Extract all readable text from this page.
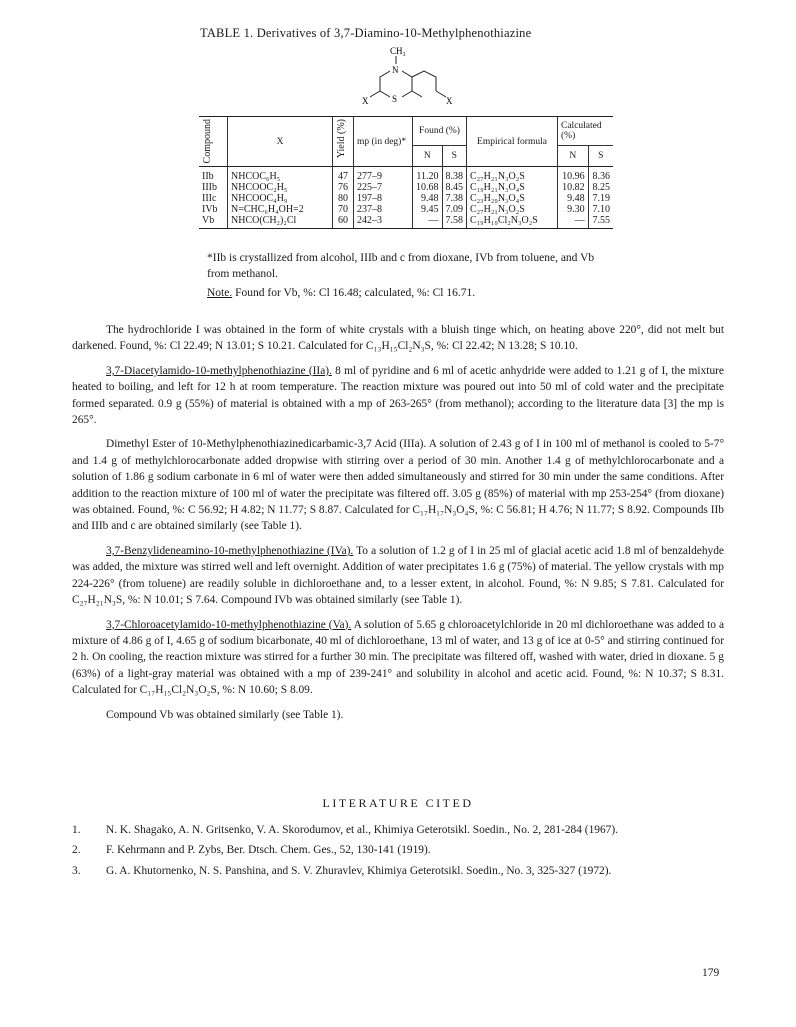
TABLE 1. Derivatives of 3,7-Diamino-10-Methylphenothiazine
CH₃
N
S
X	X
Compound	X	Yield (%)	mp (in deg)*	Found (%)		Empirical formula	Calculated (%)	
				N	S		N	S
IIb	NHCOC₆H₅	47	277–9	11.20	8.38	C₂₇H₂₁N₃O₂S	10.96	8.36
IIIb	NHCOOC₂H₅	76	225–7	10.68	8.45	C₁₉H₂₁N₃O₄S	10.82	8.25
IIIc	NHCOOC₄H₉	80	197–8	9.48	7.38	C₂₃H₂₉N₃O₄S	9.48	7.19
IVb	N=CHC₆H₄OH=2	70	237–8	9.45	7.09	C₂₇H₂₁N₃O₂S	9.30	7.10
Vb	NHCO(CH₂)₂Cl	60	242–3	—	7.58	C₁₉H₁₉Cl₂N₃O₂S	—	7.55

*IIb is crystallized from alcohol, IIIb and c from dioxane, IVb from toluene, and Vb from methanol.

Note. Found for Vb, %: Cl 16.48; calculated, %: Cl 16.71.

The hydrochloride I was obtained in the form of white crystals with a bluish tinge which, on heating above 220°, did not melt but darkened. Found, %: Cl 22.49; N 13.01; S 10.21. Calculated for C₁₃H₁₅Cl₂N₃S, %: Cl 22.42; N 13.28; S 10.10.

3,7-Diacetylamido-10-methylphenothiazine (IIa). 8 ml of pyridine and 6 ml of acetic anhydride were added to 1.21 g of I, the mixture heated to boiling, and left for 12 h at room temperature. The reaction mixture was poured out into 50 ml of cold water and the precipitate formed separated. 0.9 g (55%) of material is obtained with a mp of 263-265° (from methanol); according to the literature data [3] the mp is 265°.

Dimethyl Ester of 10-Methylphenothiazinedicarbamic-3,7 Acid (IIIa). A solution of 2.43 g of I in 100 ml of methanol is cooled to 5-7° and 1.4 g of methylchlorocarbonate added dropwise with stirring over a period of 30 min. Another 1.4 g of methylchlorocarbonate and a solution of 1.86 g sodium carbonate in 6 ml of water were then added simultaneously and stirred for 30 min under the same conditions. After addition to the reaction mixture of 100 ml of water the precipitate was filtered off. 3.05 g (85%) of material with mp 253-254° (from dioxane) was obtained. Found, %: C 56.92; H 4.82; N 11.77; S 8.87. Calculated for C₁₇H₁₇N₃O₄S, %: C 56.81; H 4.76; N 11.77; S 8.92. Compounds IIb and IIIb and c are obtained similarly (see Table 1).

3,7-Benzylideneamino-10-methylphenothiazine (IVa). To a solution of 1.2 g of I in 25 ml of glacial acetic acid 1.8 ml of benzaldehyde was added, the mixture was stirred well and left overnight. Addition of water precipitates 1.6 g (75%) of material. The yellow crystals with mp 224-226° (from toluene) are readily soluble in dichloroethane and, to a lesser extent, in alcohol. Found, %: N 9.85; S 7.81. Calculated for C₂₇H₂₁N₃S, %: N 10.01; S 7.64. Compound IVb was obtained similarly (see Table 1).

3,7-Chloroacetylamido-10-methylphenothiazine (Va). A solution of 5.65 g chloroacetylchloride in 20 ml dichloroethane was added to a mixture of 4.86 g of I, 4.65 g of sodium bicarbonate, 40 ml of dichloroethane, 13 ml of water, and 13 g of ice at 0-5° and stirring continued for 2 h. On cooling, the reaction mixture was stirred for a further 30 min. The precipitate was filtered off, washed with water, dried in dioxane. 5 g (63%) of a light-gray material was obtained with a mp of 239-241° and solubility in alcohol and acetic acid. Found, %: N 10.37; S 8.31. Calculated for C₁₇H₁₅Cl₂N₃O₂S, %: N 10.60; S 8.09.

Compound Vb was obtained similarly (see Table 1).

LITERATURE CITED
1.	N. K. Shagako, A. N. Gritsenko, V. A. Skorodumov, et al., Khimiya Geterotsikl. Soedin., No. 2, 281-284 (1967).
2.	F. Kehrmann and P. Zybs, Ber. Dtsch. Chem. Ges., 52, 130-141 (1919).
3.	G. A. Khutornenko, N. S. Panshina, and S. V. Zhuravlev, Khimiya Geterotsikl. Soedin., No. 3, 325-327 (1972).
179
